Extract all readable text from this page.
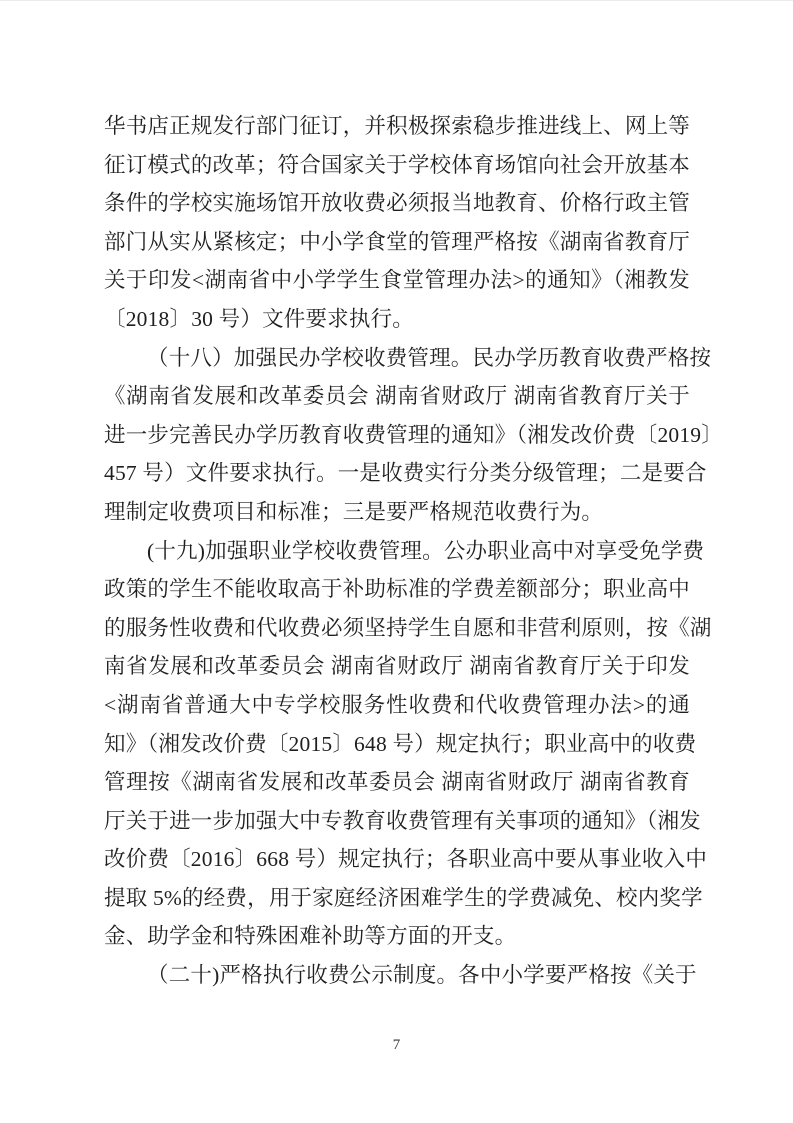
华书店正规发行部门征订，并积极探索稳步推进线上、网上等
征订模式的改革；符合国家关于学校体育场馆向社会开放基本
条件的学校实施场馆开放收费必须报当地教育、价格行政主管
部门从实从紧核定；中小学食堂的管理严格按《湖南省教育厅
关于印发<湖南省中小学学生食堂管理办法>的通知》（湘教发
〔2018〕30 号）文件要求执行。
（十八）加强民办学校收费管理。民办学历教育收费严格按
《湖南省发展和改革委员会 湖南省财政厅 湖南省教育厅关于
进一步完善民办学历教育收费管理的通知》（湘发改价费〔2019〕
457 号）文件要求执行。一是收费实行分类分级管理；二是要合
理制定收费项目和标准；三是要严格规范收费行为。
(十九)加强职业学校收费管理。公办职业高中对享受免学费
政策的学生不能收取高于补助标准的学费差额部分；职业高中
的服务性收费和代收费必须坚持学生自愿和非营利原则，按《湖
南省发展和改革委员会 湖南省财政厅 湖南省教育厅关于印发
<湖南省普通大中专学校服务性收费和代收费管理办法>的通
知》（湘发改价费〔2015〕648 号）规定执行；职业高中的收费
管理按《湖南省发展和改革委员会 湖南省财政厅 湖南省教育
厅关于进一步加强大中专教育收费管理有关事项的通知》（湘发
改价费〔2016〕668 号）规定执行；各职业高中要从事业收入中
提取 5%的经费，用于家庭经济困难学生的学费减免、校内奖学
金、助学金和特殊困难补助等方面的开支。
（二十)严格执行收费公示制度。各中小学要严格按《关于
7
